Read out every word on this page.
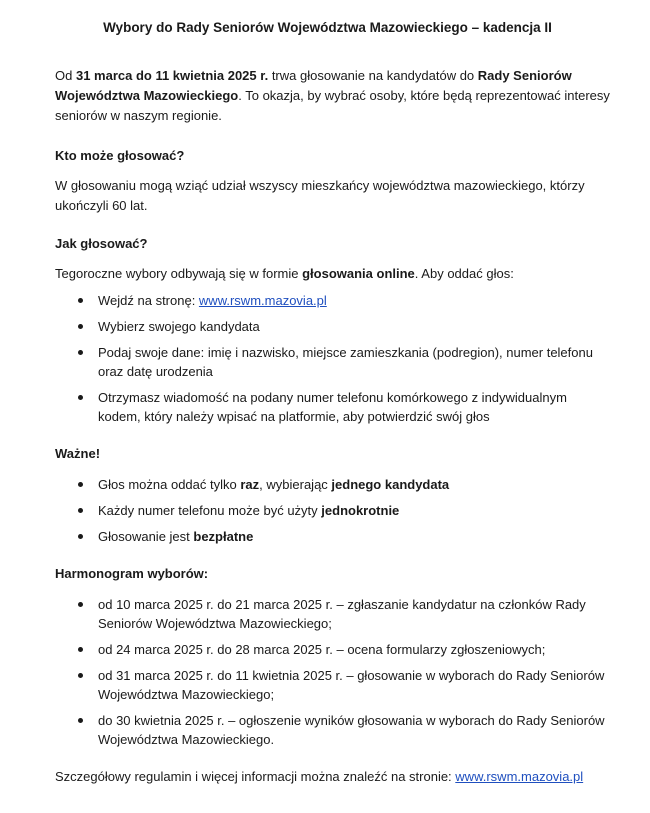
Wybory do Rady Seniorów Województwa Mazowieckiego – kadencja II

Od 31 marca do 11 kwietnia 2025 r. trwa głosowanie na kandydatów do Rady Seniorów Województwa Mazowieckiego. To okazja, by wybrać osoby, które będą reprezentować interesy seniorów w naszym regionie.

Kto może głosować?

W głosowaniu mogą wziąć udział wszyscy mieszkańcy województwa mazowieckiego, którzy ukończyli 60 lat.

Jak głosować?

Tegoroczne wybory odbywają się w formie głosowania online. Aby oddać głos:

Wejdź na stronę: www.rswm.mazovia.pl
Wybierz swojego kandydata
Podaj swoje dane: imię i nazwisko, miejsce zamieszkania (podregion), numer telefonu oraz datę urodzenia
Otrzymasz wiadomość na podany numer telefonu komórkowego z indywidualnym kodem, który należy wpisać na platformie, aby potwierdzić swój głos

Ważne!

Głos można oddać tylko raz, wybierając jednego kandydata
Każdy numer telefonu może być użyty jednokrotnie
Głosowanie jest bezpłatne

Harmonogram wyborów:

od 10 marca 2025 r. do 21 marca 2025 r. – zgłaszanie kandydatur na członków Rady Seniorów Województwa Mazowieckiego;
od 24 marca 2025 r. do 28 marca 2025 r. – ocena formularzy zgłoszeniowych;
od 31 marca 2025 r. do 11 kwietnia 2025 r. – głosowanie w wyborach do Rady Seniorów Województwa Mazowieckiego;
do 30 kwietnia 2025 r. – ogłoszenie wyników głosowania w wyborach do Rady Seniorów Województwa Mazowieckiego.

Szczegółowy regulamin i więcej informacji można znaleźć na stronie: www.rswm.mazovia.pl
